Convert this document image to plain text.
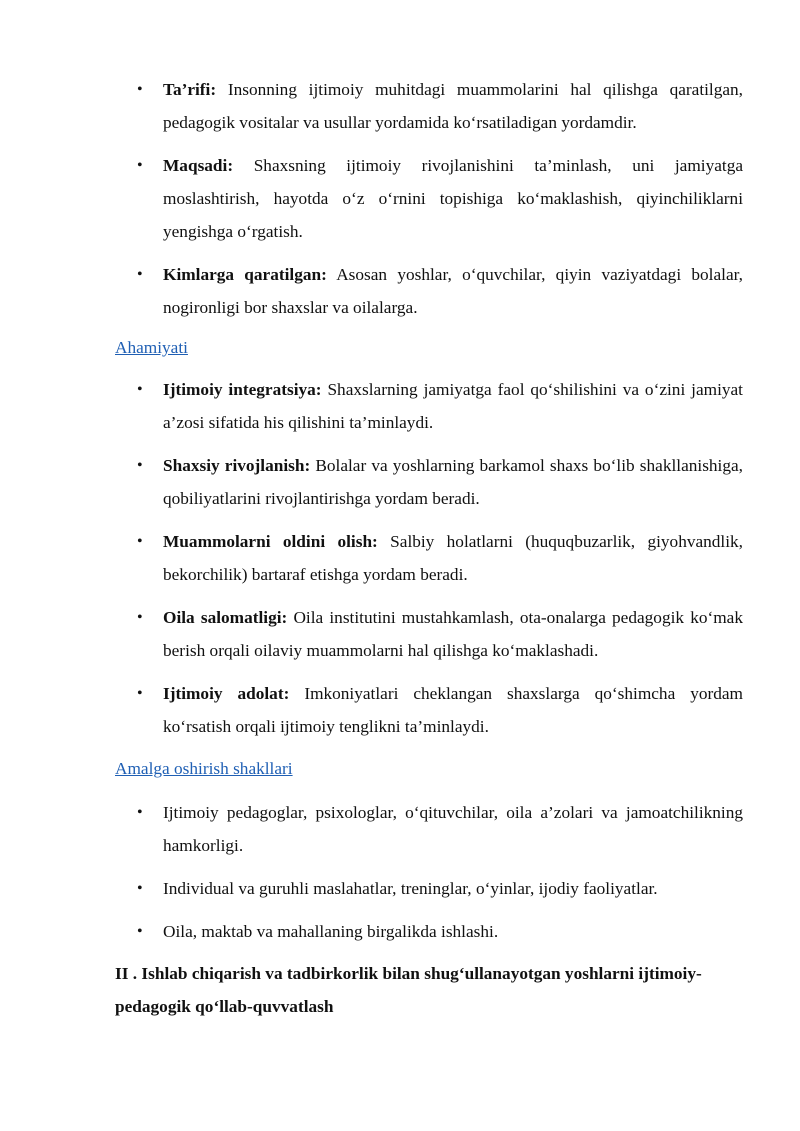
• Ta’rifi: Insonning ijtimoiy muhitdagi muammolarini hal qilishga qaratilgan, pedagogik vositalar va usullar yordamida ko‘rsatiladigan yordamdir.
• Maqsadi: Shaxsning ijtimoiy rivojlanishini ta’minlash, uni jamiyatga moslashtirish, hayotda o‘z o‘rnini topishiga ko‘maklashish, qiyinchiliklarni yengishga o‘rgatish.
• Kimlarga qaratilgan: Asosan yoshlar, o‘quvchilar, qiyin vaziyatdagi bolalar, nogironligi bor shaxslar va oilalarga.
Ahamiyati
• Ijtimoiy integratsiya: Shaxslarning jamiyatga faol qo‘shilishini va o‘zini jamiyat a’zosi sifatida his qilishini ta’minlaydi.
• Shaxsiy rivojlanish: Bolalar va yoshlarning barkamol shaxs bo‘lib shakllanishiga, qobiliyatlarini rivojlantirishga yordam beradi.
• Muammolarni oldini olish: Salbiy holatlarni (huquqbuzarlik, giyohvandlik, bekorchilik) bartaraf etishga yordam beradi.
• Oila salomatligi: Oila institutini mustahkamlash, ota-onalarga pedagogik ko‘mak berish orqali oilaviy muammolarni hal qilishga ko‘maklashadi.
• Ijtimoiy adolat: Imkoniyatlari cheklangan shaxslarga qo‘shimcha yordam ko‘rsatish orqali ijtimoiy tenglikni ta’minlaydi.
Amalga oshirish shakllari
• Ijtimoiy pedagoglar, psixologlar, o‘qituvchilar, oila a’zolari va jamoatchilikning hamkorligi.
• Individual va guruhli maslahatlar, treninglar, o‘yinlar, ijodiy faoliyatlar.
• Oila, maktab va mahallaning birgalikda ishlashi.
II . Ishlab chiqarish va tadbirkorlik bilan shug‘ullanayotgan yoshlarni ijtimoiy-pedagogik qo‘llab-quvvatlash
